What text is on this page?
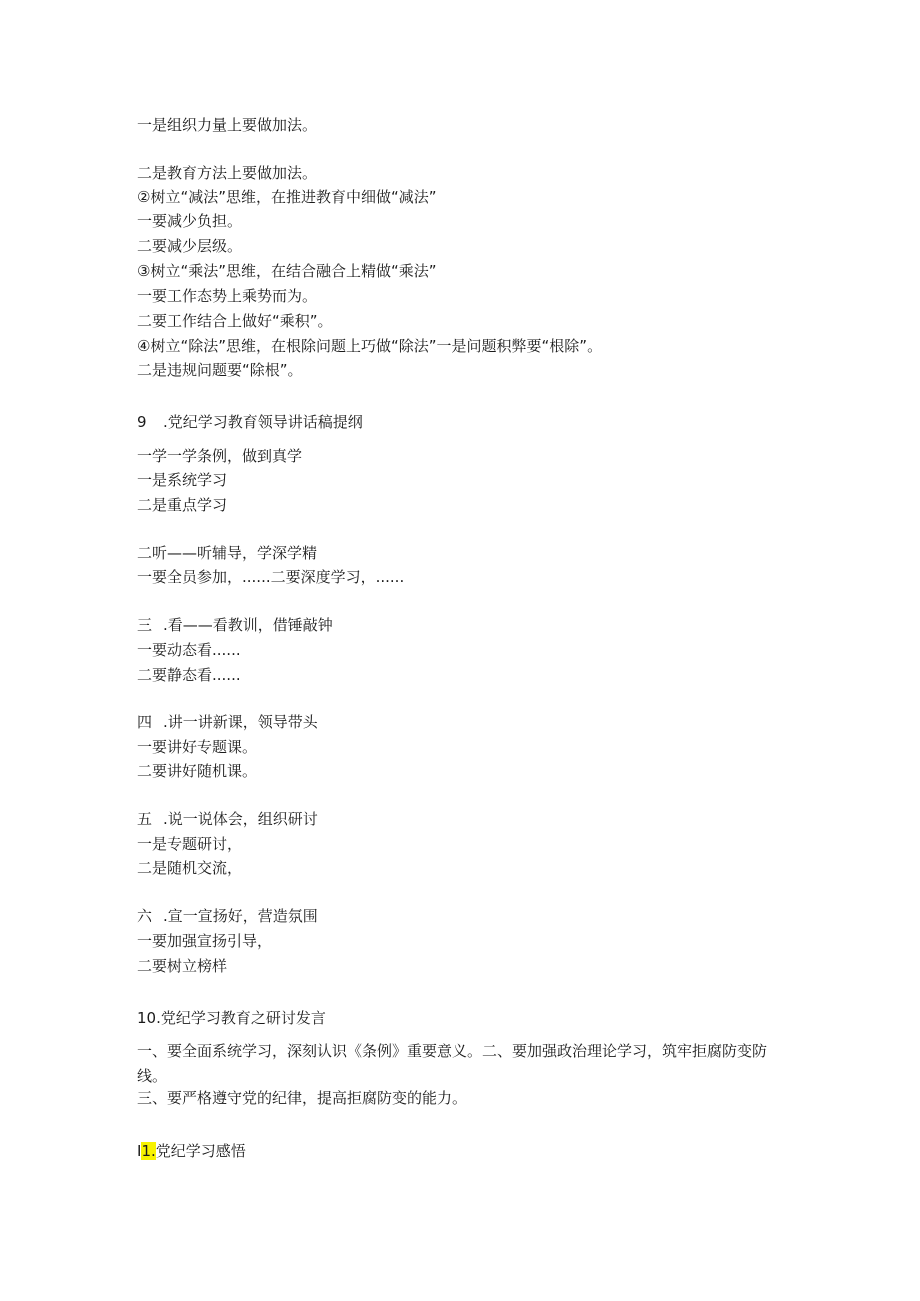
一是组织力量上要做加法。
二是教育方法上要做加法。
②树立“减法”思维，在推进教育中细做“减法”
一要减少负担。
二要减少层级。
③树立“乘法”思维，在结合融合上精做“乘法”
一要工作态势上乘势而为。
二要工作结合上做好“乘积”。
④树立“除法”思维，在根除问题上巧做“除法”一是问题积弊要“根除”。
二是违规问题要“除根”。
9 .党纪学习教育领导讲话稿提纲
一学一学条例，做到真学
一是系统学习
二是重点学习
二听——听辅导，学深学精
一要全员参加，......二要深度学习，......
三 .看——看教训，借锤敲钟
一要动态看......
二要静态看......
四 .讲一讲新课，领导带头
一要讲好专题课。
二要讲好随机课。
五 .说一说体会，组织研讨
一是专题研讨，
二是随机交流，
六 .宣一宣扬好，营造氛围
一要加强宣扬引导，
二要树立榜样
10.党纪学习教育之研讨发言
一、要全面系统学习，深刻认识《条例》重要意义。二、要加强政治理论学习，筑牢拒腐防变防线。
三、要严格遵守党的纪律，提高拒腐防变的能力。
I1.党纪学习感悟
